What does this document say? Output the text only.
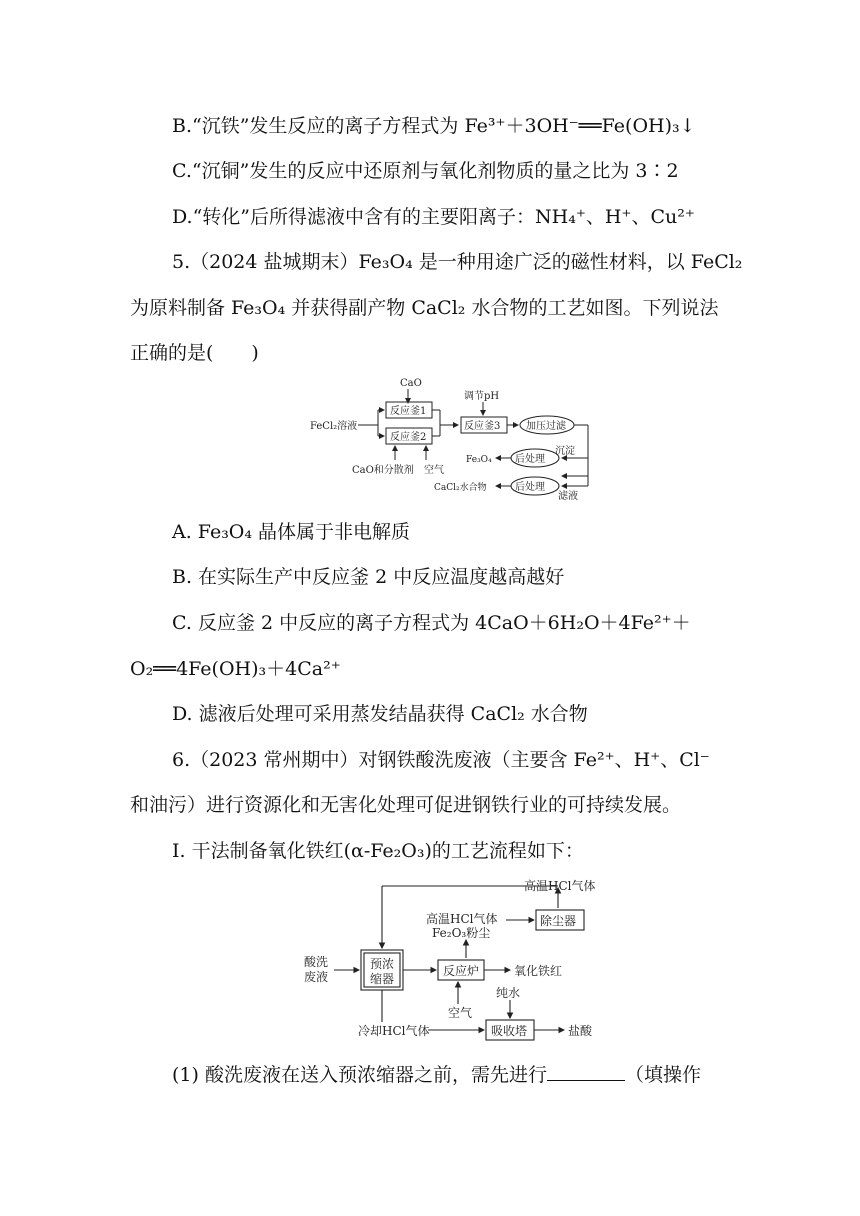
B.“沉铁”发生反应的离子方程式为 Fe³⁺＋3OH⁻══Fe(OH)₃↓
C.“沉铜”发生的反应中还原剂与氧化剂物质的量之比为 3∶2
D.“转化”后所得滤液中含有的主要阳离子：NH₄⁺、H⁺、Cu²⁺
5.（2024 盐城期末）Fe₃O₄ 是一种用途广泛的磁性材料，以 FeCl₂
为原料制备 Fe₃O₄ 并获得副产物 CaCl₂ 水合物的工艺如图。下列说法
正确的是(　　)
CaO
FeCl₂溶液
反应釜1
反应釜2
CaO和分散剂 空气
调节pH
反应釜3	加压过滤
沉淀
滤液
后处理
后处理
Fe₃O₄
CaCl₂水合物
A. Fe₃O₄ 晶体属于非电解质
B. 在实际生产中反应釜 2 中反应温度越高越好
C. 反应釜 2 中反应的离子方程式为 4CaO＋6H₂O＋4Fe²⁺＋
O₂══4Fe(OH)₃＋4Ca²⁺
D. 滤液后处理可采用蒸发结晶获得 CaCl₂ 水合物
6.（2023 常州期中）对钢铁酸洗废液（主要含 Fe²⁺、H⁺、Cl⁻
和油污）进行资源化和无害化处理可促进钢铁行业的可持续发展。
Ⅰ. 干法制备氧化铁红(α-Fe₂O₃)的工艺流程如下：
高温HCl气体
除尘器
高温HCl气体
Fe₂O₃粉尘
酸洗
废液
预浓
缩器
反应炉	氧化铁红
纯水
空气
冷却HCl气体	吸收塔	盐酸
(1) 酸洗废液在送入预浓缩器之前，需先进行	（填操作
